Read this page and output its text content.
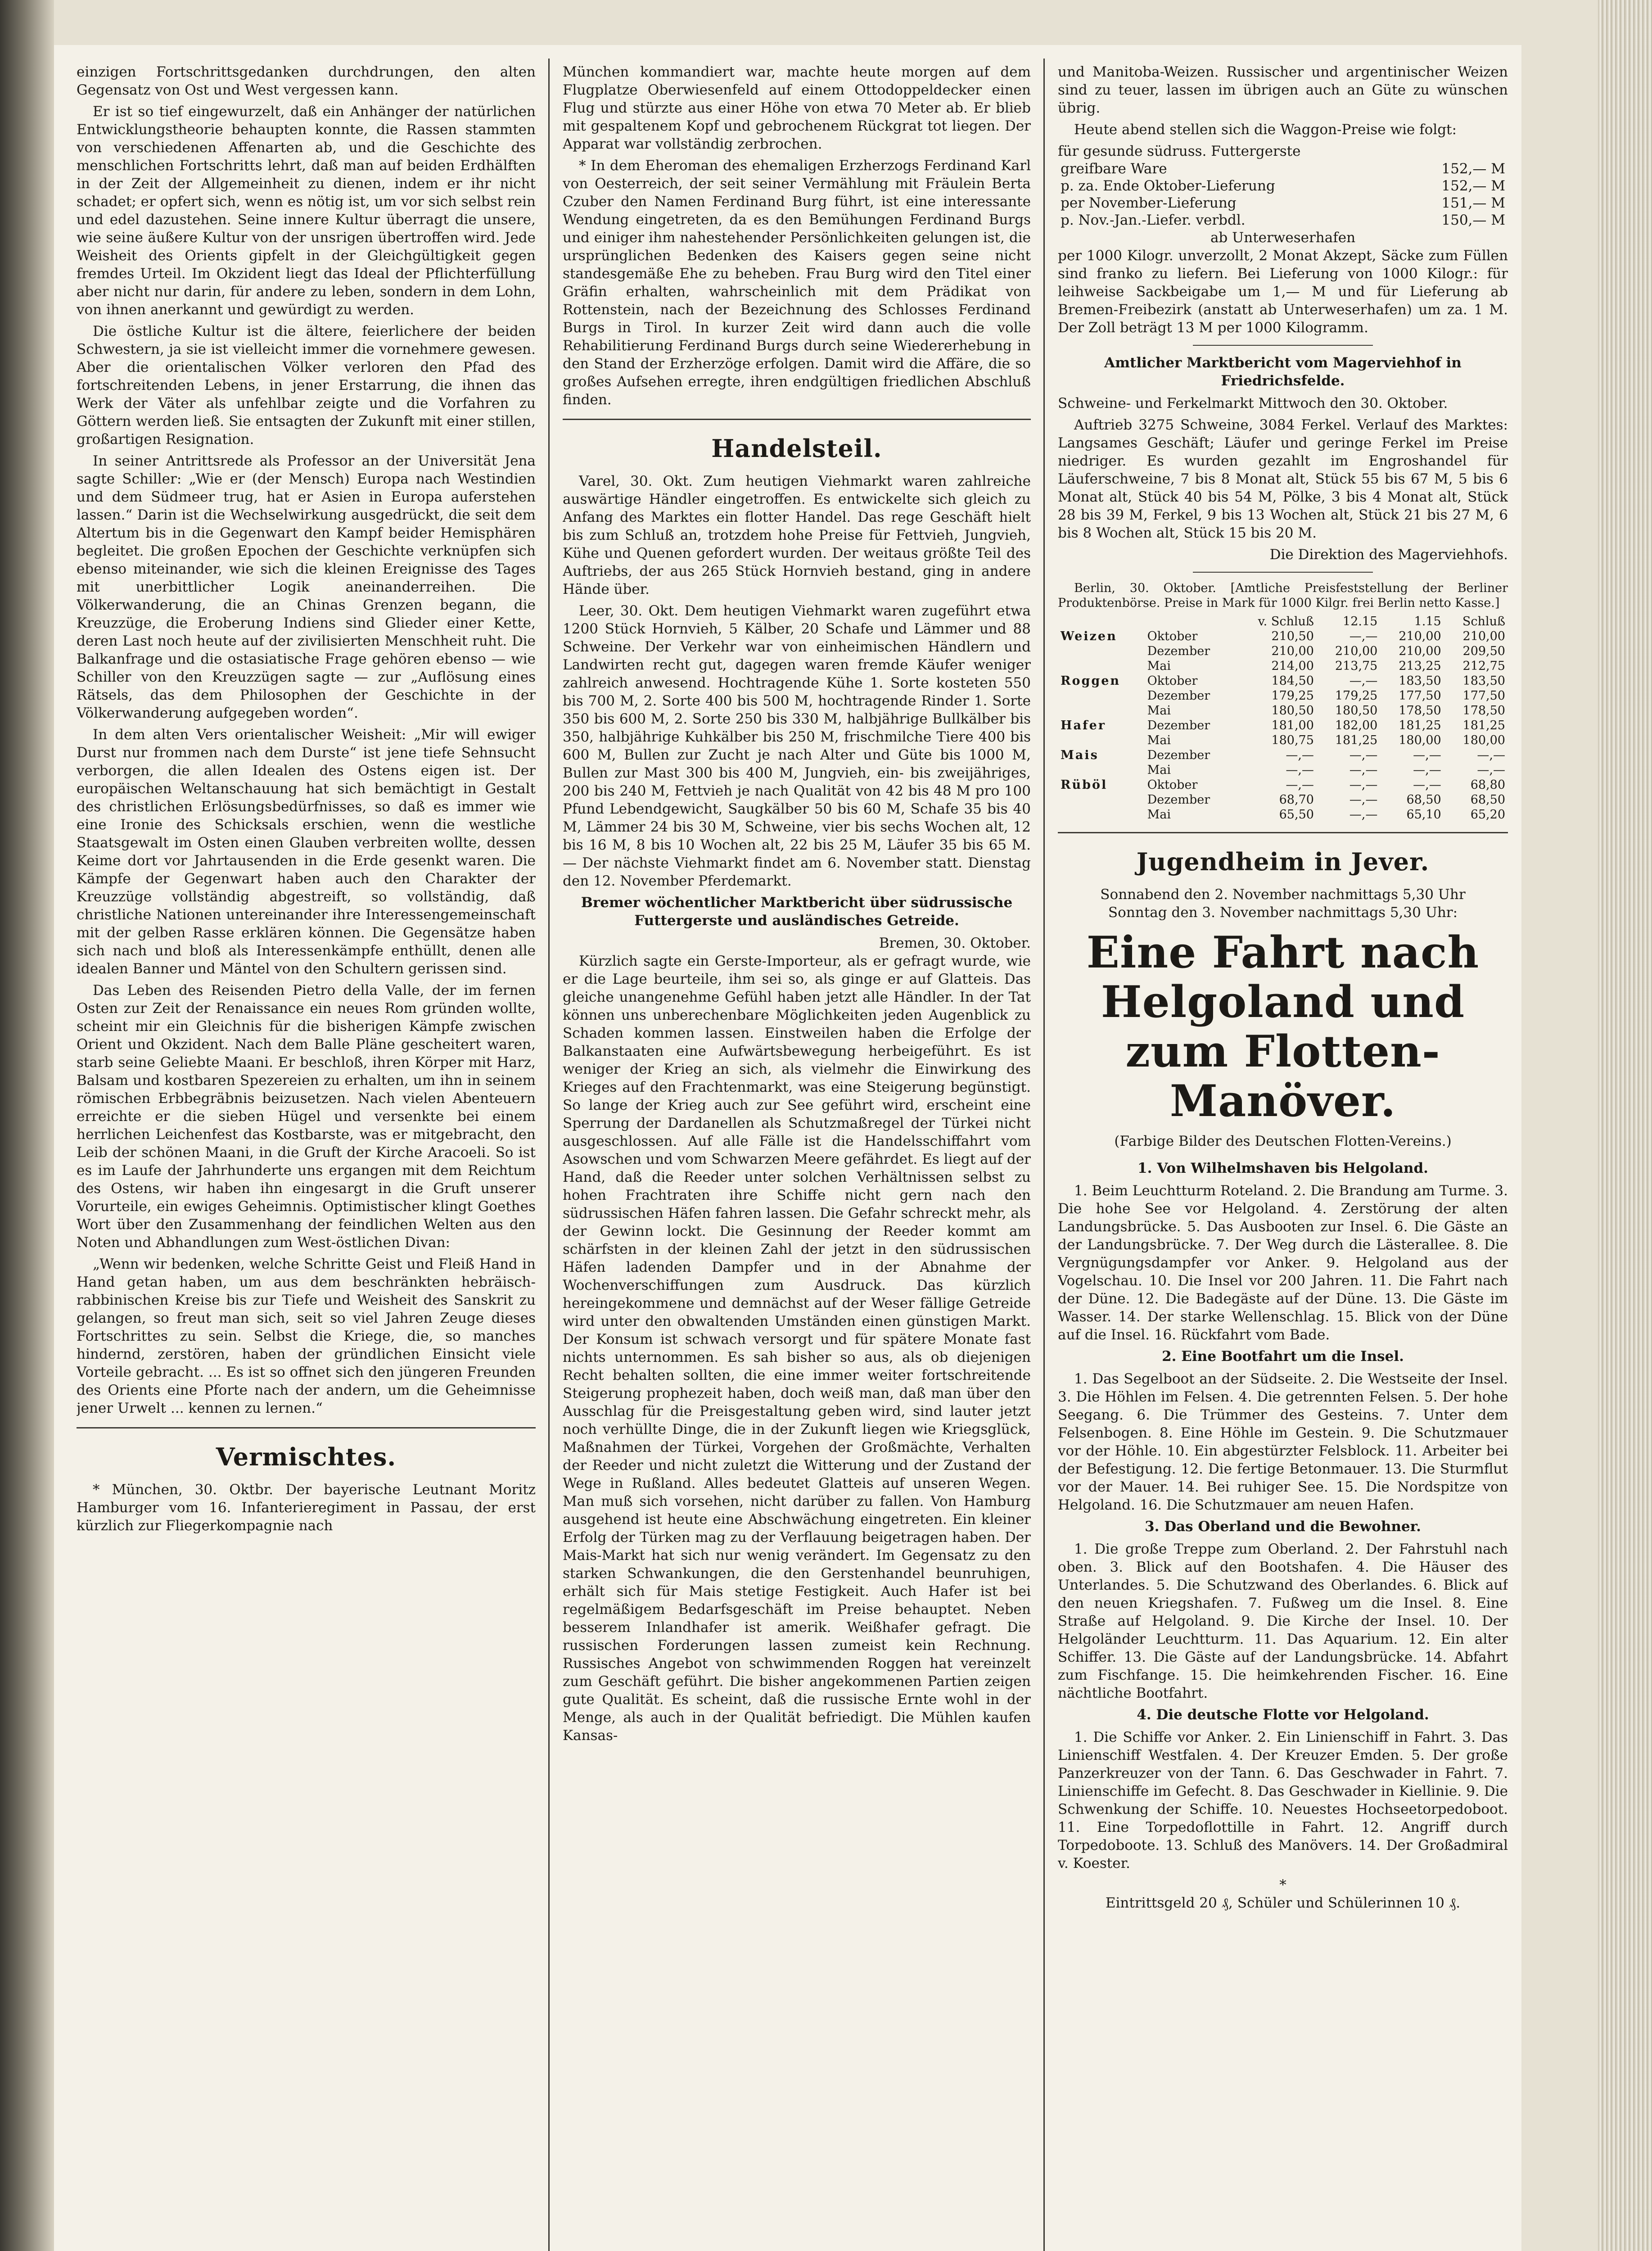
einzigen Fortschrittsgedanken durchdrungen, den alten Gegensatz von Ost und West vergessen kann.

Er ist so tief eingewurzelt, daß ein Anhänger der natürlichen Entwicklungstheorie behaupten konnte, die Rassen stammten von verschiedenen Affenarten ab, und die Geschichte des menschlichen Fortschritts lehrt, daß man auf beiden Erdhälften in der Zeit der Allgemeinheit zu dienen, indem er ihr nicht schadet; er opfert sich, wenn es nötig ist, um vor sich selbst rein und edel dazustehen. Seine innere Kultur überragt die unsere, wie seine äußere Kultur von der unsrigen übertroffen wird. Jede Weisheit des Orients gipfelt in der Gleichgültigkeit gegen fremdes Urteil. Im Okzident liegt das Ideal der Pflichterfüllung aber nicht nur darin, für andere zu leben, sondern in dem Lohn, von ihnen anerkannt und gewürdigt zu werden.

Die östliche Kultur ist die ältere, feierlichere der beiden Schwestern, ja sie ist vielleicht immer die vornehmere gewesen. Aber die orientalischen Völker verloren den Pfad des fortschreitenden Lebens, in jener Erstarrung, die ihnen das Werk der Väter als unfehlbar zeigte und die Vorfahren zu Göttern werden ließ. Sie entsagten der Zukunft mit einer stillen, großartigen Resignation.

In seiner Antrittsrede als Professor an der Universität Jena sagte Schiller: „Wie er (der Mensch) Europa nach Westindien und dem Südmeer trug, hat er Asien in Europa auferstehen lassen.“ Darin ist die Wechselwirkung ausgedrückt, die seit dem Altertum bis in die Gegenwart den Kampf beider Hemisphären begleitet. Die großen Epochen der Geschichte verknüpfen sich ebenso miteinander, wie sich die kleinen Ereignisse des Tages mit unerbittlicher Logik aneinanderreihen. Die Völkerwanderung, die an Chinas Grenzen begann, die Kreuzzüge, die Eroberung Indiens sind Glieder einer Kette, deren Last noch heute auf der zivilisierten Menschheit ruht. Die Balkanfrage und die ostasiatische Frage gehören ebenso — wie Schiller von den Kreuzzügen sagte — zur „Auflösung eines Rätsels, das dem Philosophen der Geschichte in der Völkerwanderung aufgegeben worden“.

In dem alten Vers orientalischer Weisheit: „Mir will ewiger Durst nur frommen nach dem Durste“ ist jene tiefe Sehnsucht verborgen, die allen Idealen des Ostens eigen ist. Der europäischen Weltanschauung hat sich bemächtigt in Gestalt des christlichen Erlösungsbedürfnisses, so daß es immer wie eine Ironie des Schicksals erschien, wenn die westliche Staatsgewalt im Osten einen Glauben verbreiten wollte, dessen Keime dort vor Jahrtausenden in die Erde gesenkt waren. Die Kämpfe der Gegenwart haben auch den Charakter der Kreuzzüge vollständig abgestreift, so vollständig, daß christliche Nationen untereinander ihre Interessengemeinschaft mit der gelben Rasse erklären können. Die Gegensätze haben sich nach und bloß als Interessenkämpfe enthüllt, denen alle idealen Banner und Mäntel von den Schultern gerissen sind.

Das Leben des Reisenden Pietro della Valle, der im fernen Osten zur Zeit der Renaissance ein neues Rom gründen wollte, scheint mir ein Gleichnis für die bisherigen Kämpfe zwischen Orient und Okzident. Nach dem Balle Pläne gescheitert waren, starb seine Geliebte Maani. Er beschloß, ihren Körper mit Harz, Balsam und kostbaren Spezereien zu erhalten, um ihn in seinem römischen Erbbegräbnis beizusetzen. Nach vielen Abenteuern erreichte er die sieben Hügel und versenkte bei einem herrlichen Leichenfest das Kostbarste, was er mitgebracht, den Leib der schönen Maani, in die Gruft der Kirche Aracoeli. So ist es im Laufe der Jahrhunderte uns ergangen mit dem Reichtum des Ostens, wir haben ihn eingesargt in die Gruft unserer Vorurteile, ein ewiges Geheimnis. Optimistischer klingt Goethes Wort über den Zusammenhang der feindlichen Welten aus den Noten und Abhandlungen zum West-östlichen Divan:

„Wenn wir bedenken, welche Schritte Geist und Fleiß Hand in Hand getan haben, um aus dem beschränkten hebräisch-rabbinischen Kreise bis zur Tiefe und Weisheit des Sanskrit zu gelangen, so freut man sich, seit so viel Jahren Zeuge dieses Fortschrittes zu sein. Selbst die Kriege, die, so manches hindernd, zerstören, haben der gründlichen Einsicht viele Vorteile gebracht. ... Es ist so offnet sich den jüngeren Freunden des Orients eine Pforte nach der andern, um die Geheimnisse jener Urwelt ... kennen zu lernen.“

Vermischtes.

* München, 30. Oktbr. Der bayerische Leutnant Moritz Hamburger vom 16. Infanterieregiment in Passau, der erst kürzlich zur Fliegerkompagnie nach

München kommandiert war, machte heute morgen auf dem Flugplatze Oberwiesenfeld auf einem Ottodoppeldecker einen Flug und stürzte aus einer Höhe von etwa 70 Meter ab. Er blieb mit gespaltenem Kopf und gebrochenem Rückgrat tot liegen. Der Apparat war vollständig zerbrochen.

* In dem Eheroman des ehemaligen Erzherzogs Ferdinand Karl von Oesterreich, der seit seiner Vermählung mit Fräulein Berta Czuber den Namen Ferdinand Burg führt, ist eine interessante Wendung eingetreten, da es den Bemühungen Ferdinand Burgs und einiger ihm nahestehender Persönlichkeiten gelungen ist, die ursprünglichen Bedenken des Kaisers gegen seine nicht standesgemäße Ehe zu beheben. Frau Burg wird den Titel einer Gräfin erhalten, wahrscheinlich mit dem Prädikat von Rottenstein, nach der Bezeichnung des Schlosses Ferdinand Burgs in Tirol. In kurzer Zeit wird dann auch die volle Rehabilitierung Ferdinand Burgs durch seine Wiedererhebung in den Stand der Erzherzöge erfolgen. Damit wird die Affäre, die so großes Aufsehen erregte, ihren endgültigen friedlichen Abschluß finden.

Handelsteil.

Varel, 30. Okt. Zum heutigen Viehmarkt waren zahlreiche auswärtige Händler eingetroffen. Es entwickelte sich gleich zu Anfang des Marktes ein flotter Handel. Das rege Geschäft hielt bis zum Schluß an, trotzdem hohe Preise für Fettvieh, Jungvieh, Kühe und Quenen gefordert wurden. Der weitaus größte Teil des Auftriebs, der aus 265 Stück Hornvieh bestand, ging in andere Hände über.

Leer, 30. Okt. Dem heutigen Viehmarkt waren zugeführt etwa 1200 Stück Hornvieh, 5 Kälber, 20 Schafe und Lämmer und 88 Schweine. Der Verkehr war von einheimischen Händlern und Landwirten recht gut, dagegen waren fremde Käufer weniger zahlreich anwesend. Hochtragende Kühe 1. Sorte kosteten 550 bis 700 M, 2. Sorte 400 bis 500 M, hochtragende Rinder 1. Sorte 350 bis 600 M, 2. Sorte 250 bis 330 M, halbjährige Bullkälber bis 350, halbjährige Kuhkälber bis 250 M, frischmilche Tiere 400 bis 600 M, Bullen zur Zucht je nach Alter und Güte bis 1000 M, Bullen zur Mast 300 bis 400 M, Jungvieh, ein- bis zweijähriges, 200 bis 240 M, Fettvieh je nach Qualität von 42 bis 48 M pro 100 Pfund Lebendgewicht, Saugkälber 50 bis 60 M, Schafe 35 bis 40 M, Lämmer 24 bis 30 M, Schweine, vier bis sechs Wochen alt, 12 bis 16 M, 8 bis 10 Wochen alt, 22 bis 25 M, Läufer 35 bis 65 M. — Der nächste Viehmarkt findet am 6. November statt. Dienstag den 12. November Pferdemarkt.

Bremer wöchentlicher Marktbericht über südrussische Futtergerste und ausländisches Getreide.
Bremen, 30. Oktober.

Kürzlich sagte ein Gerste-Importeur, als er gefragt wurde, wie er die Lage beurteile, ihm sei so, als ginge er auf Glatteis. Das gleiche unangenehme Gefühl haben jetzt alle Händler. In der Tat können uns unberechenbare Möglichkeiten jeden Augenblick zu Schaden kommen lassen. Einstweilen haben die Erfolge der Balkanstaaten eine Aufwärtsbewegung herbeigeführt. Es ist weniger der Krieg an sich, als vielmehr die Einwirkung des Krieges auf den Frachtenmarkt, was eine Steigerung begünstigt. So lange der Krieg auch zur See geführt wird, erscheint eine Sperrung der Dardanellen als Schutzmaßregel der Türkei nicht ausgeschlossen. Auf alle Fälle ist die Handelsschiffahrt vom Asowschen und vom Schwarzen Meere gefährdet. Es liegt auf der Hand, daß die Reeder unter solchen Verhältnissen selbst zu hohen Frachtraten ihre Schiffe nicht gern nach den südrussischen Häfen fahren lassen. Die Gefahr schreckt mehr, als der Gewinn lockt. Die Gesinnung der Reeder kommt am schärfsten in der kleinen Zahl der jetzt in den südrussischen Häfen ladenden Dampfer und in der Abnahme der Wochenverschiffungen zum Ausdruck. Das kürzlich hereingekommene und demnächst auf der Weser fällige Getreide wird unter den obwaltenden Umständen einen günstigen Markt. Der Konsum ist schwach versorgt und für spätere Monate fast nichts unternommen. Es sah bisher so aus, als ob diejenigen Recht behalten sollten, die eine immer weiter fortschreitende Steigerung prophezeit haben, doch weiß man, daß man über den Ausschlag für die Preisgestaltung geben wird, sind lauter jetzt noch verhüllte Dinge, die in der Zukunft liegen wie Kriegsglück, Maßnahmen der Türkei, Vorgehen der Großmächte, Verhalten der Reeder und nicht zuletzt die Witterung und der Zustand der Wege in Rußland. Alles bedeutet Glatteis auf unseren Wegen. Man muß sich vorsehen, nicht darüber zu fallen. Von Hamburg ausgehend ist heute eine Abschwächung eingetreten. Ein kleiner Erfolg der Türken mag zu der Verflauung beigetragen haben. Der Mais-Markt hat sich nur wenig verändert. Im Gegensatz zu den starken Schwankungen, die den Gerstenhandel beunruhigen, erhält sich für Mais stetige Festigkeit. Auch Hafer ist bei regelmäßigem Bedarfsgeschäft im Preise behauptet. Neben besserem Inlandhafer ist amerik. Weißhafer gefragt. Die russischen Forderungen lassen zumeist kein Rechnung. Russisches Angebot von schwimmenden Roggen hat vereinzelt zum Geschäft geführt. Die bisher angekommenen Partien zeigen gute Qualität. Es scheint, daß die russische Ernte wohl in der Menge, als auch in der Qualität befriedigt. Die Mühlen kaufen Kansas-

und Manitoba-Weizen. Russischer und argentinischer Weizen sind zu teuer, lassen im übrigen auch an Güte zu wünschen übrig.

Heute abend stellen sich die Waggon-Preise wie folgt:

für gesunde südruss. Futtergerste
greifbare Ware	152,— M
p. za. Ende Oktober-Lieferung	152,— M
per November-Lieferung	151,— M
p. Nov.-Jan.-Liefer. verbdl.	150,— M
ab Unterweserhafen

per 1000 Kilogr. unverzollt, 2 Monat Akzept, Säcke zum Füllen sind franko zu liefern. Bei Lieferung von 1000 Kilogr.: für leihweise Sackbeigabe um 1,— M und für Lieferung ab Bremen-Freibezirk (anstatt ab Unterweserhafen) um za. 1 M. Der Zoll beträgt 13 M per 1000 Kilogramm.

Amtlicher Marktbericht vom Magerviehhof in Friedrichsfelde.

Schweine- und Ferkelmarkt Mittwoch den 30. Oktober.

Auftrieb 3275 Schweine, 3084 Ferkel. Verlauf des Marktes: Langsames Geschäft; Läufer und geringe Ferkel im Preise niedriger. Es wurden gezahlt im Engroshandel für Läuferschweine, 7 bis 8 Monat alt, Stück 55 bis 67 M, 5 bis 6 Monat alt, Stück 40 bis 54 M, Pölke, 3 bis 4 Monat alt, Stück 28 bis 39 M, Ferkel, 9 bis 13 Wochen alt, Stück 21 bis 27 M, 6 bis 8 Wochen alt, Stück 15 bis 20 M.

Die Direktion des Magerviehhofs.

Berlin, 30. Oktober. [Amtliche Preisfeststellung der Berliner Produktenbörse. Preise in Mark für 1000 Kilgr. frei Berlin netto Kasse.]

		v. Schluß	12.15	1.15	Schluß
Weizen	Oktober	210,50	—,—	210,00	210,00
	Dezember	210,00	210,00	210,00	209,50
	Mai	214,00	213,75	213,25	212,75
Roggen	Oktober	184,50	—,—	183,50	183,50
	Dezember	179,25	179,25	177,50	177,50
	Mai	180,50	180,50	178,50	178,50
Hafer	Dezember	181,00	182,00	181,25	181,25
	Mai	180,75	181,25	180,00	180,00
Mais	Dezember	—,—	—,—	—,—	—,—
	Mai	—,—	—,—	—,—	—,—
Rüböl	Oktober	—,—	—,—	—,—	68,80
	Dezember	68,70	—,—	68,50	68,50
	Mai	65,50	—,—	65,10	65,20
Jugendheim in Jever.
Sonnabend den 2. November nachmittags 5,30 Uhr
Sonntag den 3. November nachmittags 5,30 Uhr:
Eine Fahrt nach Helgoland und zum Flotten-Manöver.
(Farbige Bilder des Deutschen Flotten-Vereins.)
1. Von Wilhelmshaven bis Helgoland.

1. Beim Leuchtturm Roteland. 2. Die Brandung am Turme. 3. Die hohe See vor Helgoland. 4. Zerstörung der alten Landungsbrücke. 5. Das Ausbooten zur Insel. 6. Die Gäste an der Landungsbrücke. 7. Der Weg durch die Lästerallee. 8. Die Vergnügungsdampfer vor Anker. 9. Helgoland aus der Vogelschau. 10. Die Insel vor 200 Jahren. 11. Die Fahrt nach der Düne. 12. Die Badegäste auf der Düne. 13. Die Gäste im Wasser. 14. Der starke Wellenschlag. 15. Blick von der Düne auf die Insel. 16. Rückfahrt vom Bade.

2. Eine Bootfahrt um die Insel.

1. Das Segelboot an der Südseite. 2. Die Westseite der Insel. 3. Die Höhlen im Felsen. 4. Die getrennten Felsen. 5. Der hohe Seegang. 6. Die Trümmer des Gesteins. 7. Unter dem Felsenbogen. 8. Eine Höhle im Gestein. 9. Die Schutzmauer vor der Höhle. 10. Ein abgestürzter Felsblock. 11. Arbeiter bei der Befestigung. 12. Die fertige Betonmauer. 13. Die Sturmflut vor der Mauer. 14. Bei ruhiger See. 15. Die Nordspitze von Helgoland. 16. Die Schutzmauer am neuen Hafen.

3. Das Oberland und die Bewohner.

1. Die große Treppe zum Oberland. 2. Der Fahrstuhl nach oben. 3. Blick auf den Bootshafen. 4. Die Häuser des Unterlandes. 5. Die Schutzwand des Oberlandes. 6. Blick auf den neuen Kriegshafen. 7. Fußweg um die Insel. 8. Eine Straße auf Helgoland. 9. Die Kirche der Insel. 10. Der Helgoländer Leuchtturm. 11. Das Aquarium. 12. Ein alter Schiffer. 13. Die Gäste auf der Landungsbrücke. 14. Abfahrt zum Fischfange. 15. Die heimkehrenden Fischer. 16. Eine nächtliche Bootfahrt.

4. Die deutsche Flotte vor Helgoland.

1. Die Schiffe vor Anker. 2. Ein Linienschiff in Fahrt. 3. Das Linienschiff Westfalen. 4. Der Kreuzer Emden. 5. Der große Panzerkreuzer von der Tann. 6. Das Geschwader in Fahrt. 7. Linienschiffe im Gefecht. 8. Das Geschwader in Kiellinie. 9. Die Schwenkung der Schiffe. 10. Neuestes Hochseetorpedoboot. 11. Eine Torpedoflottille in Fahrt. 12. Angriff durch Torpedoboote. 13. Schluß des Manövers. 14. Der Großadmiral v. Koester.

*
Eintrittsgeld 20 ₰, Schüler und Schülerinnen 10 ₰.
